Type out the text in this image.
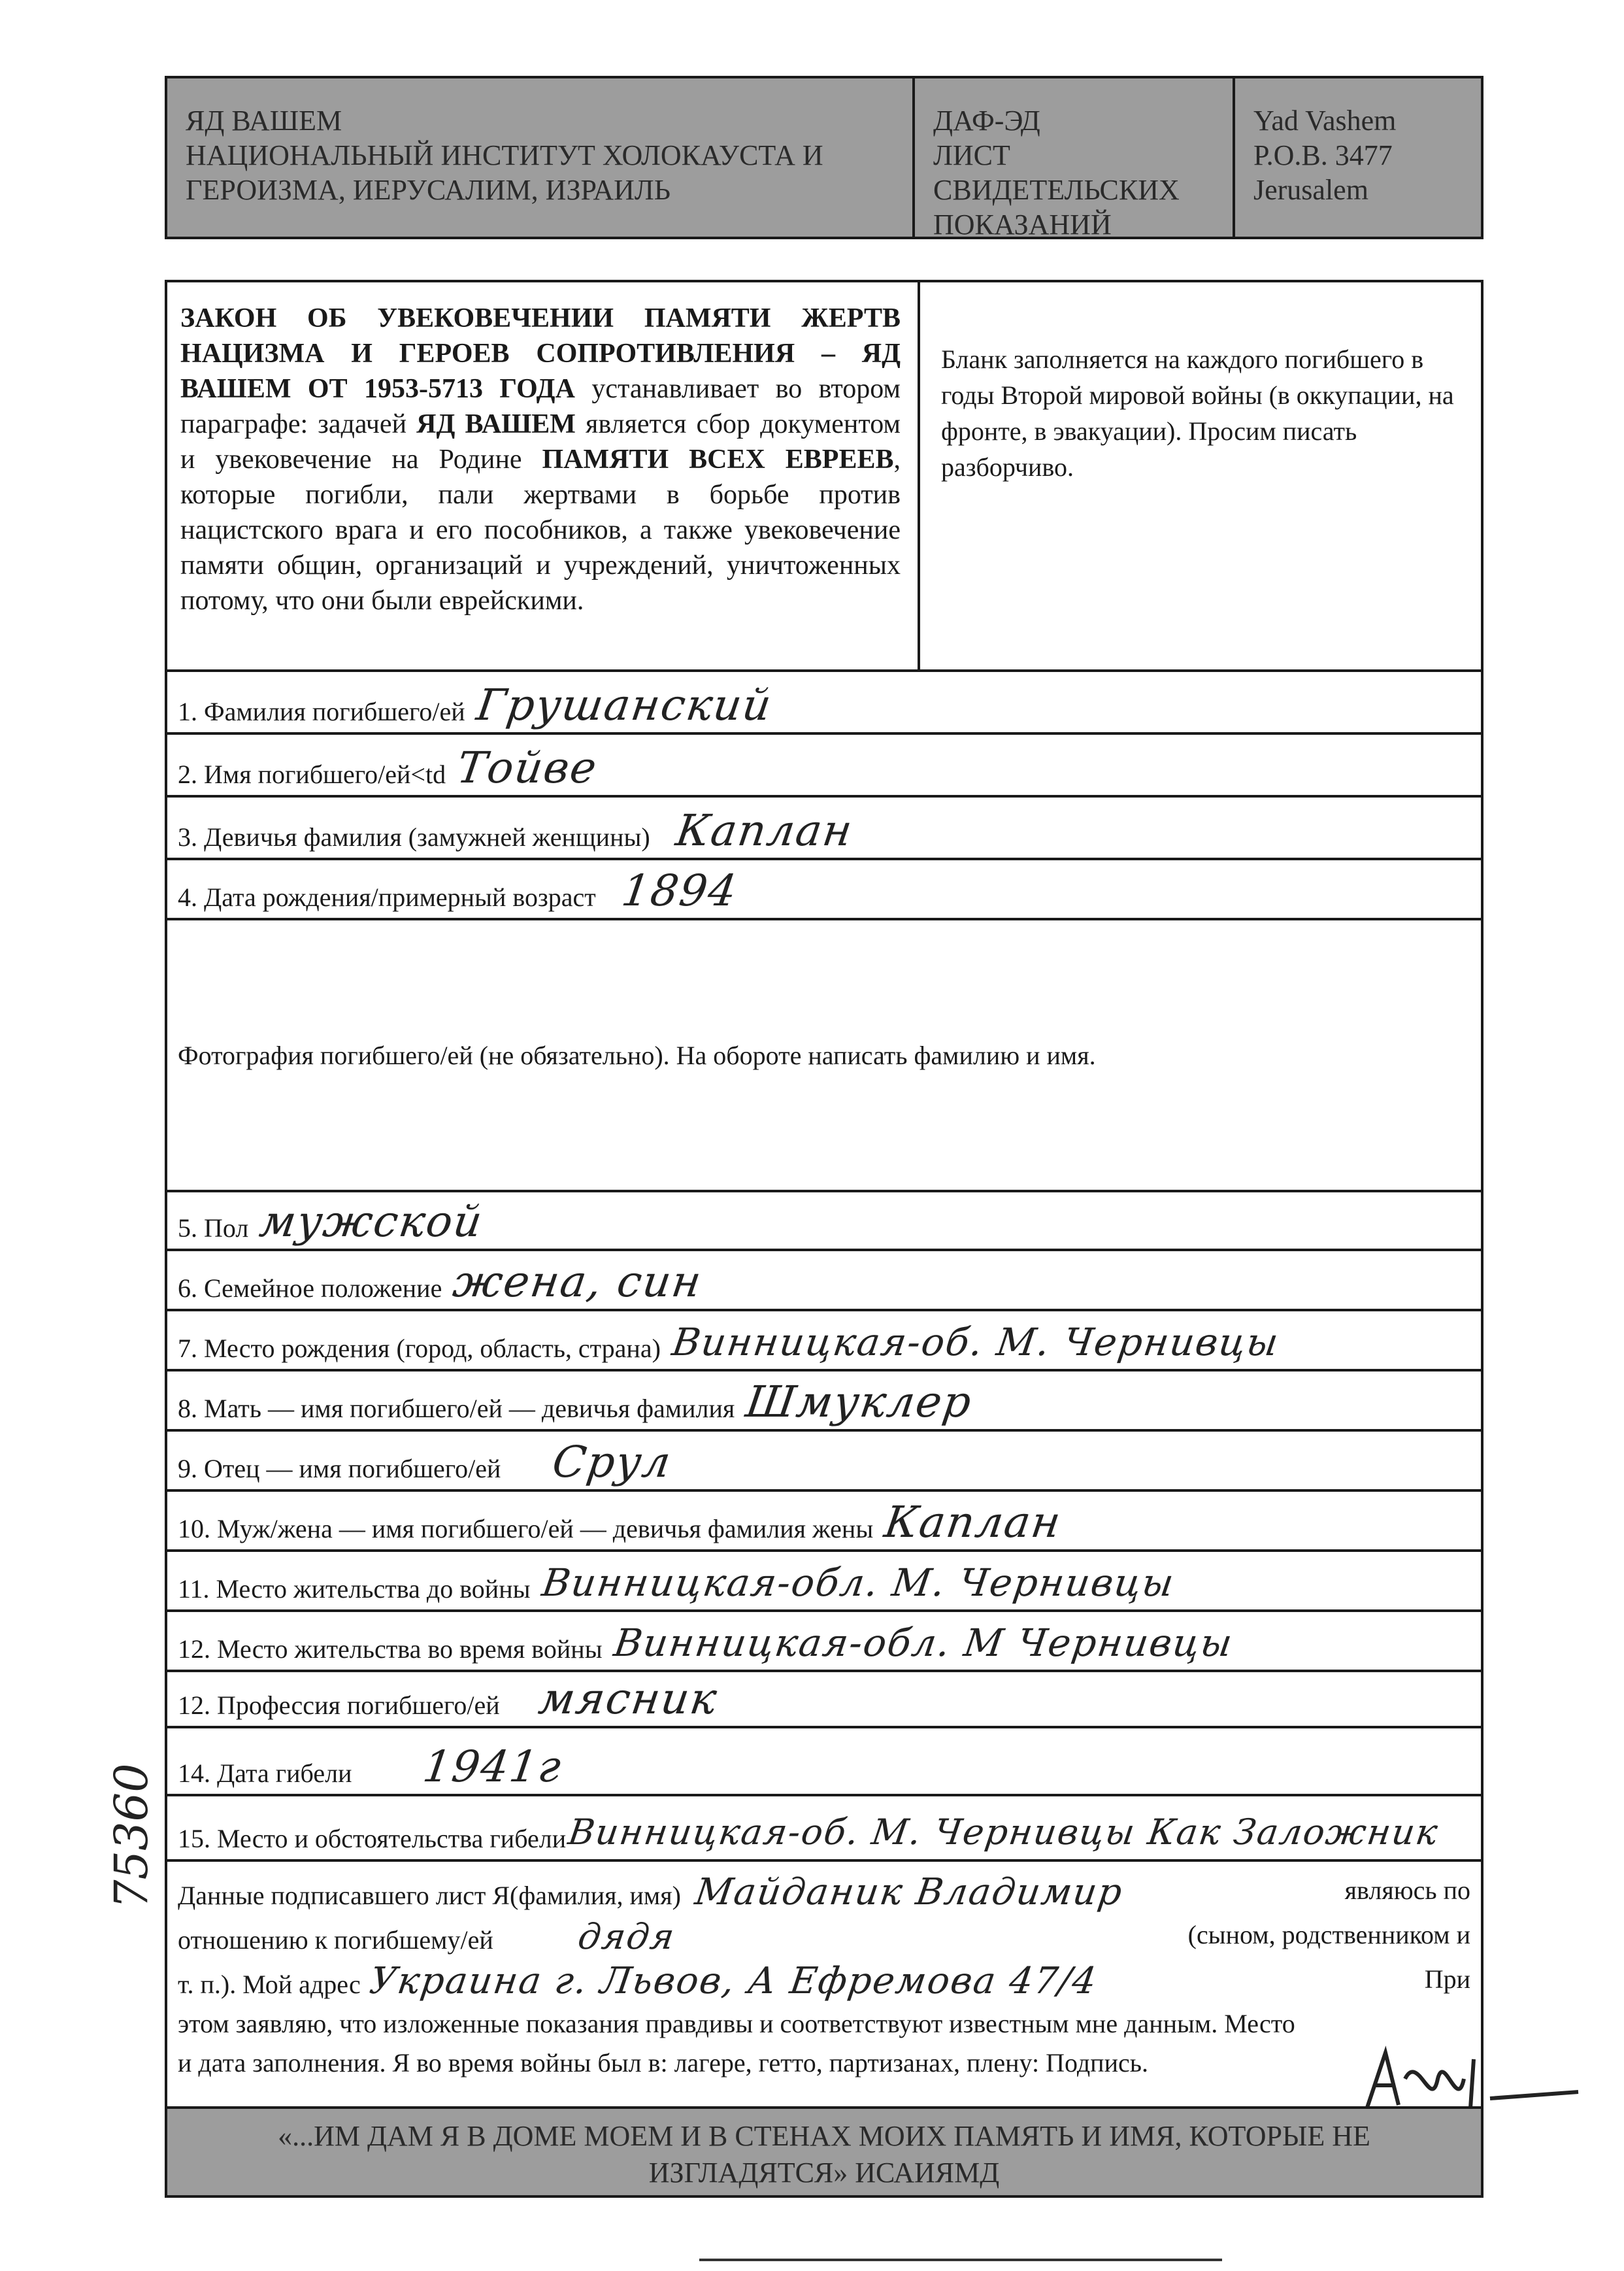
ЯД ВАШЕМ
НАЦИОНАЛЬНЫЙ ИНСТИТУТ ХОЛОКАУСТА И
ГЕРОИЗМА, ИЕРУСАЛИМ, ИЗРАИЛЬ
ДАФ-ЭД
ЛИСТ
СВИДЕТЕЛЬСКИХ
ПОКАЗАНИЙ
Yad Vashem
P.O.B. 3477
Jerusalem
ЗАКОН ОБ УВЕКОВЕЧЕНИИ ПАМЯТИ ЖЕРТВ НАЦИЗМА И ГЕРОЕВ СОПРОТИВЛЕНИЯ – ЯД ВАШЕМ ОТ 1953-5713 ГОДА устанавливает во втором параграфе: задачей ЯД ВАШЕМ является сбор документом и увековечение на Родине ПАМЯТИ ВСЕХ ЕВРЕЕВ, которые погибли, пали жертвами в борьбе против нацистского врага и его пособников, а также увековечение памяти общин, организаций и учреждений, уничтоженных потому, что они были еврейскими.
Бланк заполняется на каждого погибшего в годы Второй мировой войны (в оккупации, на фронте, в эвакуации). Просим писать разборчиво.
1. Фамилия погибшего/ей Грушанский
2. Имя погибшего/ей<td Тойве
3. Девичья фамилия (замужней женщины) Каплан
4. Дата рождения/примерный возраст 1894
Фотография погибшего/ей (не обязательно). На обороте написать фамилию и имя.
5. Пол мужской
6. Семейное положение жена, син
7. Место рождения (город, область, страна) Винницкая-об. М. Чернивцы
8. Мать — имя погибшего/ей — девичья фамилия Шмуклер
9. Отец — имя погибшего/ей Срул
10. Муж/жена — имя погибшего/ей — девичья фамилия жены Каплан
11. Место жительства до войны Винницкая-обл. М. Чернивцы
12. Место жительства во время войны Винницкая-обл. М Чернивцы
12. Профессия погибшего/ей мясник
14. Дата гибели 1941г
15. Место и обстоятельства гибели Винницкая-об. М. Чернивцы Как Заложник
Данные подписавшего лист Я(фамилия, имя) Майданик Владимир	являюсь по
отношению к погибшему/ей дядя	(сыном, родственником и
т. п.). Мой адрес Украина г. Львов, А Ефремова 47/4	При
этом заявляю, что изложенные показания правдивы и соответствуют известным мне данным. Место
и дата заполнения. Я во время войны был в: лагере, гетто, партизанах, плену: Подпись.
«...ИМ ДАМ Я В ДОМЕ МОЕМ И В СТЕНАХ МОИХ ПАМЯТЬ И ИМЯ, КОТОРЫЕ НЕ
ИЗГЛАДЯТСЯ» ИСАИЯМД
75360
